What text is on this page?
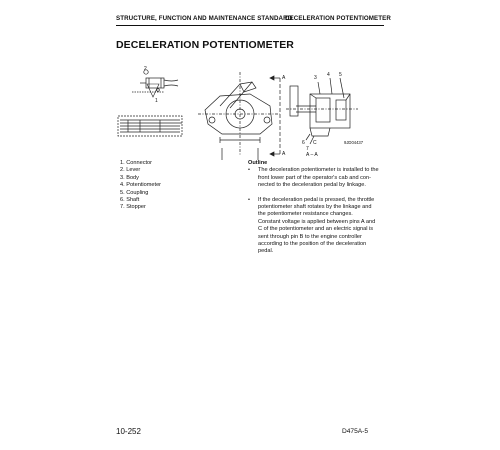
STRUCTURE, FUNCTION AND MAINTENANCE STANDARD
DECELERATION POTENTIOMETER
DECELERATION POTENTIOMETER
2
1
A
A
3 4 5
6
7
C
A – A
9JD04437
1. Connector
2. Lever
3. Body
4. Potentiometer
5. Coupling
6. Shaft
7. Stopper
Outline
• The deceleration potentiometer is installed to the
front lower part of the operator's cab and con-
nected to the deceleration pedal by linkage.
• If the deceleration pedal is pressed, the throttle
potentiometer shaft rotates by the linkage and
the potentiometer resistance changes.
Constant voltage is applied between pins A and
C of the potentiometer and an electric signal is
sent through pin B to the engine controller
according to the position of the deceleration
pedal.
10-252	D475A-5
